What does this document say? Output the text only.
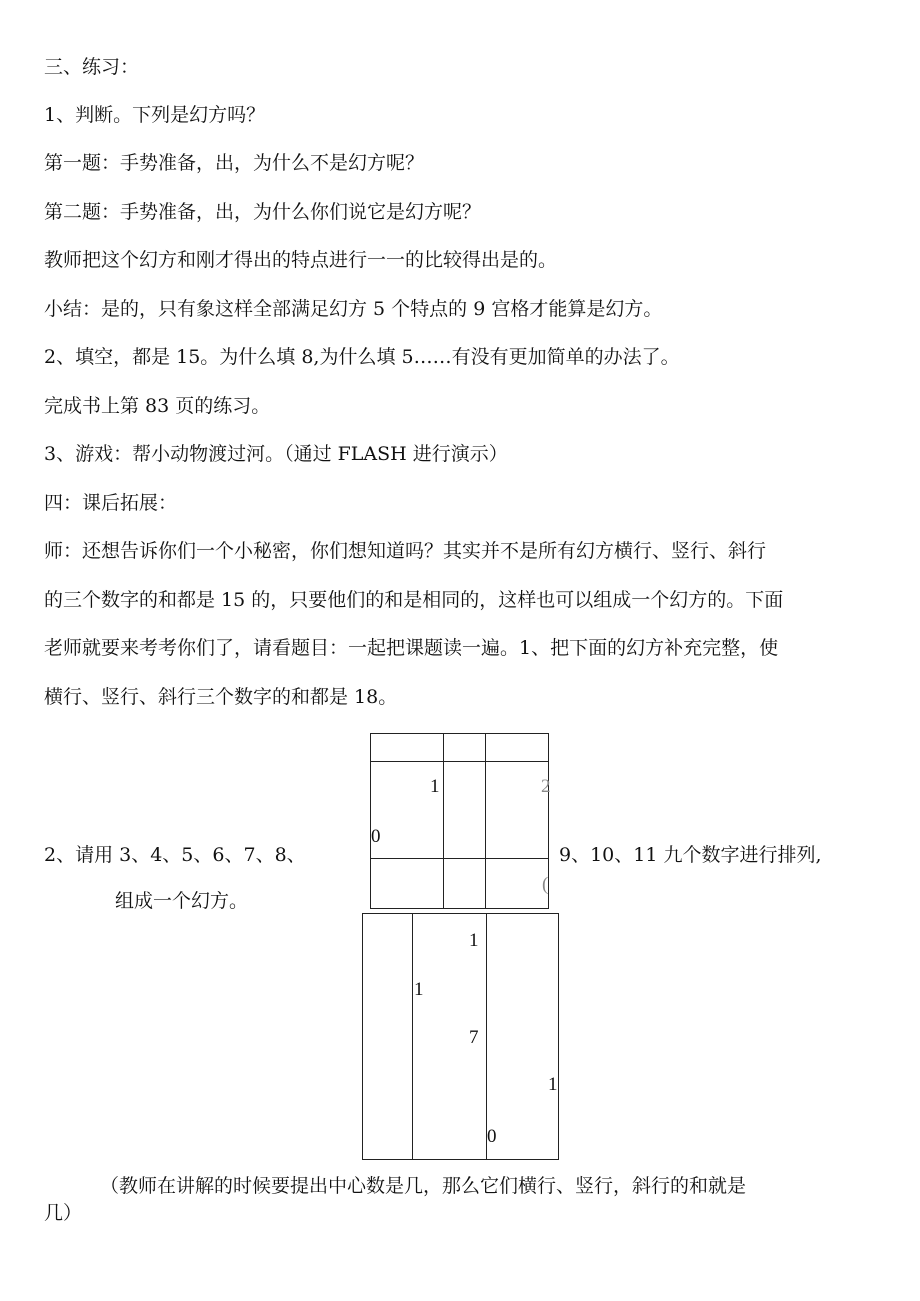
三、练习：
1、判断。下列是幻方吗？
第一题：手势准备，出，为什么不是幻方呢？
第二题：手势准备，出，为什么你们说它是幻方呢？
教师把这个幻方和刚才得出的特点进行一一的比较得出是的。
小结：是的，只有象这样全部满足幻方 5 个特点的 9 宫格才能算是幻方。
2、填空，都是 15。为什么填 8,为什么填 5……有没有更加简单的办法了。
完成书上第 83 页的练习。
3、游戏：帮小动物渡过河。（通过 FLASH 进行演示）
四：课后拓展：
师：还想告诉你们一个小秘密，你们想知道吗？其实并不是所有幻方横行、竖行、斜行
的三个数字的和都是 15 的，只要他们的和是相同的，这样也可以组成一个幻方的。下面
老师就要来考考你们了，请看题目：一起把课题读一遍。1、把下面的幻方补充完整，使
横行、竖行、斜行三个数字的和都是 18。
1
0
2
(
2、请用 3、4、5、6、7、8、	9、10、11 九个数字进行排列,
组成一个幻方。
1
1
7
1
0
（教师在讲解的时候要提出中心数是几，那么它们横行、竖行，斜行的和就是
几）
